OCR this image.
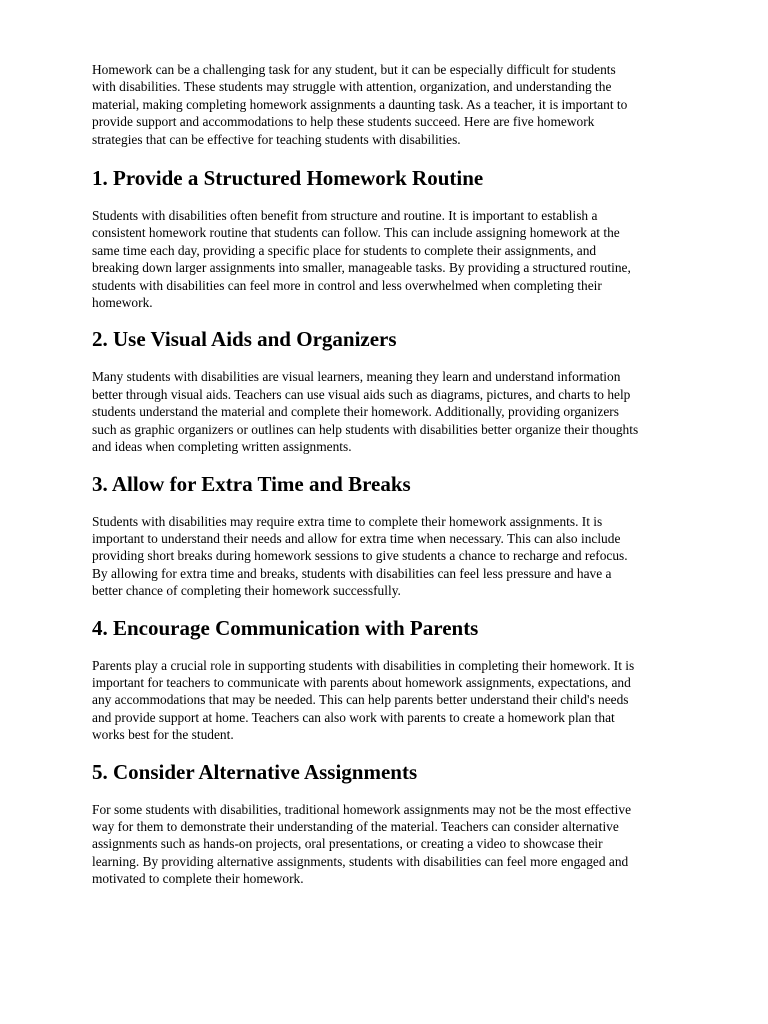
Homework can be a challenging task for any student, but it can be especially difficult for students
with disabilities. These students may struggle with attention, organization, and understanding the
material, making completing homework assignments a daunting task. As a teacher, it is important to
provide support and accommodations to help these students succeed. Here are five homework
strategies that can be effective for teaching students with disabilities.

1. Provide a Structured Homework Routine

Students with disabilities often benefit from structure and routine. It is important to establish a
consistent homework routine that students can follow. This can include assigning homework at the
same time each day, providing a specific place for students to complete their assignments, and
breaking down larger assignments into smaller, manageable tasks. By providing a structured routine,
students with disabilities can feel more in control and less overwhelmed when completing their
homework.

2. Use Visual Aids and Organizers

Many students with disabilities are visual learners, meaning they learn and understand information
better through visual aids. Teachers can use visual aids such as diagrams, pictures, and charts to help
students understand the material and complete their homework. Additionally, providing organizers
such as graphic organizers or outlines can help students with disabilities better organize their thoughts
and ideas when completing written assignments.

3. Allow for Extra Time and Breaks

Students with disabilities may require extra time to complete their homework assignments. It is
important to understand their needs and allow for extra time when necessary. This can also include
providing short breaks during homework sessions to give students a chance to recharge and refocus.
By allowing for extra time and breaks, students with disabilities can feel less pressure and have a
better chance of completing their homework successfully.

4. Encourage Communication with Parents

Parents play a crucial role in supporting students with disabilities in completing their homework. It is
important for teachers to communicate with parents about homework assignments, expectations, and
any accommodations that may be needed. This can help parents better understand their child's needs
and provide support at home. Teachers can also work with parents to create a homework plan that
works best for the student.

5. Consider Alternative Assignments

For some students with disabilities, traditional homework assignments may not be the most effective
way for them to demonstrate their understanding of the material. Teachers can consider alternative
assignments such as hands-on projects, oral presentations, or creating a video to showcase their
learning. By providing alternative assignments, students with disabilities can feel more engaged and
motivated to complete their homework.
